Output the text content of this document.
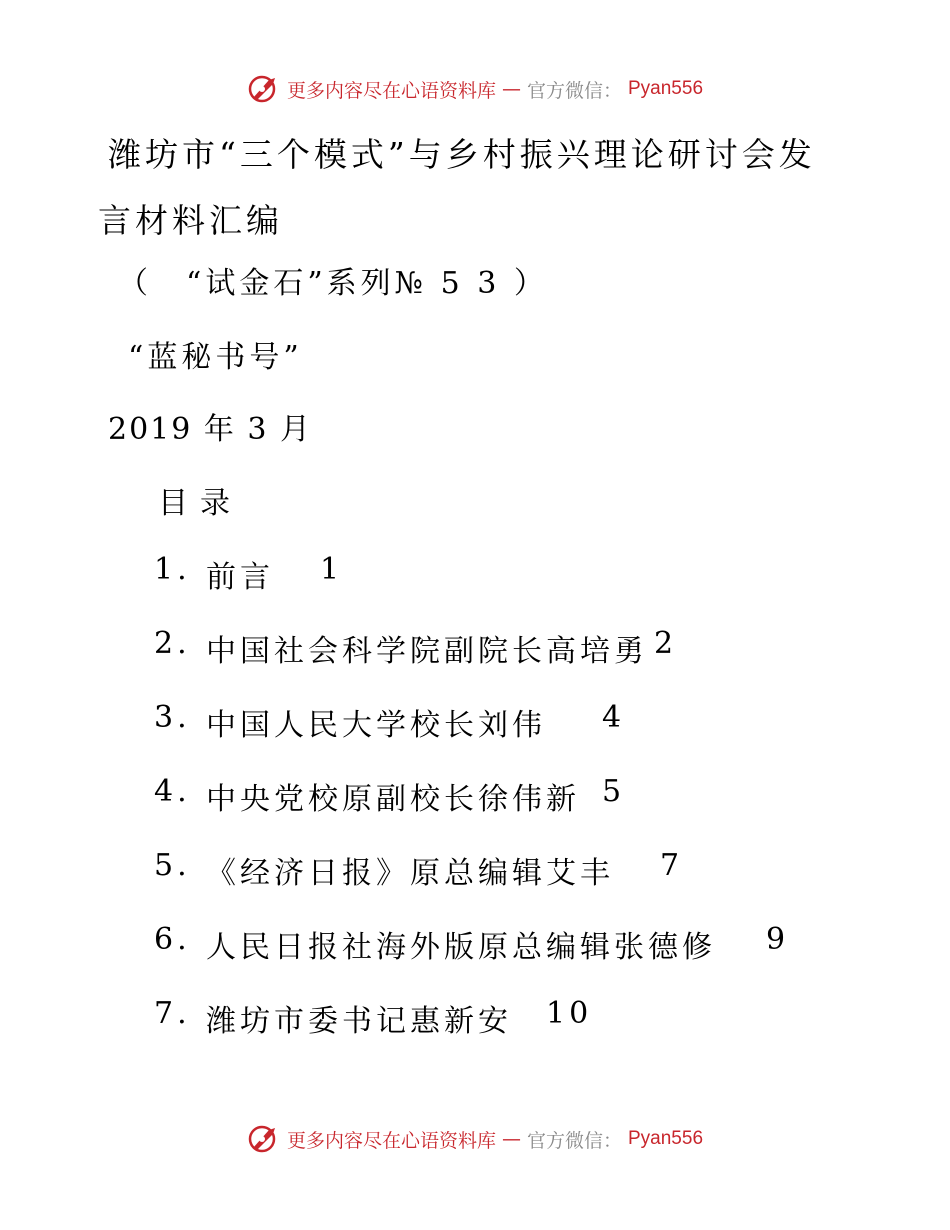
更多内容尽在心语资料库 — 官方微信： Pyan556
潍坊市“三个模式”与乡村振兴理论研讨会发言材料汇编
（　“试金石”系列№ 5 3 ）
“蓝秘书号”
2019 年 3 月
目录
1. 前言 1
2. 中国社会科学院副院长高培勇 2
3. 中国人民大学校长刘伟 4
4. 中央党校原副校长徐伟新 5
5. 《经济日报》原总编辑艾丰 7
6. 人民日报社海外版原总编辑张德修 9
7. 潍坊市委书记惠新安 10
更多内容尽在心语资料库 — 官方微信： Pyan556
